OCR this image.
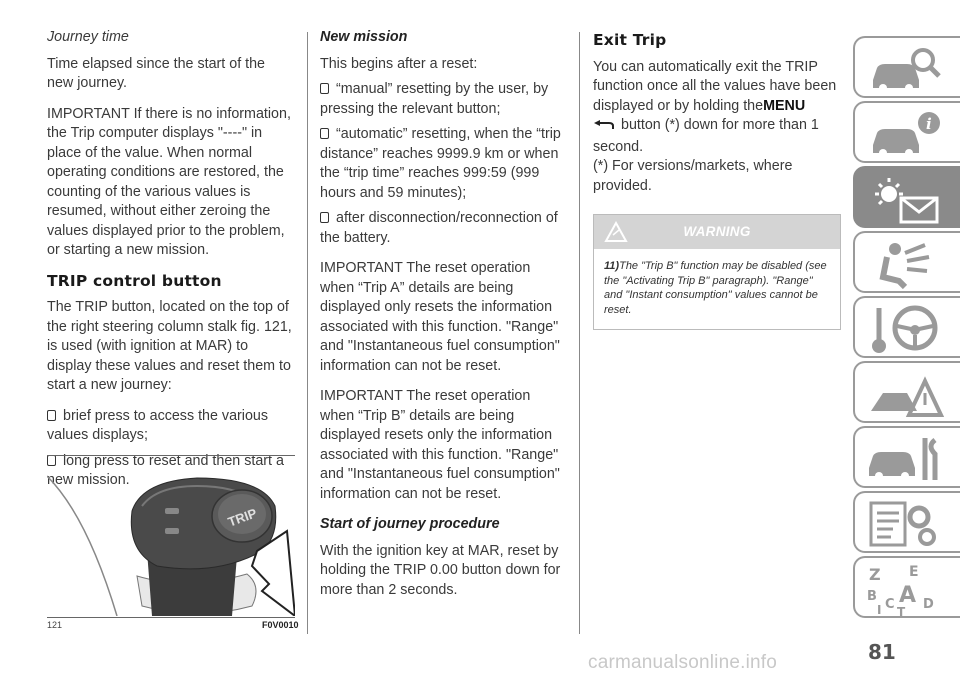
Journey time

Time elapsed since the start of the new journey.

IMPORTANT If there is no information, the Trip computer displays "----" in place of the value. When normal operating conditions are restored, the counting of the various values is resumed, without either zeroing the values displayed prior to the problem, or starting a new mission.

TRIP control button

The TRIP button, located on the top of the right steering column stalk fig. 121, is used (with ignition at MAR) to display these values and reset them to start a new journey:

brief press to access the various values displays;
long press to reset and then start a new mission.
TRIP
121	F0V0010
New mission

This begins after a reset:

“manual” resetting by the user, by pressing the relevant button;
“automatic” resetting, when the “trip distance” reaches 9999.9 km or when the “trip time” reaches 999:59 (999 hours and 59 minutes);
after disconnection/reconnection of the battery.

IMPORTANT The reset operation when “Trip A” details are being displayed only resets the information associated with this function. "Range" and "Instantaneous fuel consumption" information can not be reset.

IMPORTANT The reset operation when “Trip B” details are being displayed resets only the information associated with this function. "Range" and "Instantaneous fuel consumption" information can not be reset.

Start of journey procedure

With the ignition key at MAR, reset by holding the TRIP 0.00 button down for more than 2 seconds.

Exit Trip

You can automatically exit the TRIP function once all the values have been displayed or by holding theMENU
button (*) down for more than 1 second.

(*) For versions/markets, where provided.

WARNING
11)The "Trip B" function may be disabled (see the "Activating Trip B" paragraph). "Range" and "Instant consumption" values cannot be reset.
i
Z E
B A
C D
I T
81
carmanualsonline.info
